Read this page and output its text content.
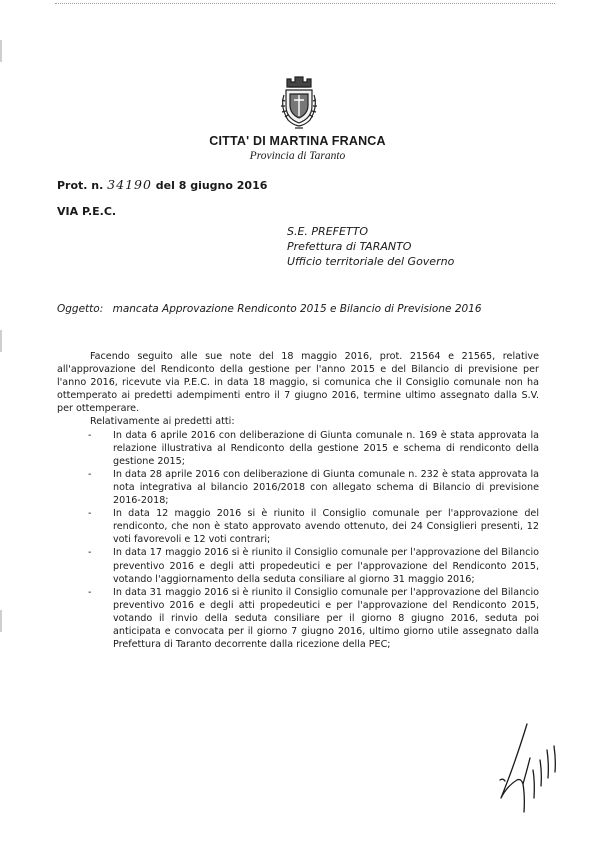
CITTA' DI MARTINA FRANCA
Provincia di Taranto
Prot. n. 34190 del 8 giugno 2016
VIA P.E.C.
S.E. PREFETTO
Prefettura di TARANTO
Ufficio territoriale del Governo
Oggetto: mancata Approvazione Rendiconto 2015 e Bilancio di Previsione 2016

Facendo seguito alle sue note del 18 maggio 2016, prot. 21564 e 21565, relative all'approvazione del Rendiconto della gestione per l'anno 2015 e del Bilancio di previsione per l'anno 2016, ricevute via P.E.C. in data 18 maggio, si comunica che il Consiglio comunale non ha ottemperato ai predetti adempimenti entro il 7 giugno 2016, termine ultimo assegnato dalla S.V. per ottemperare.

Relativamente ai predetti atti:
- In data 6 aprile 2016 con deliberazione di Giunta comunale n. 169 è stata approvata la relazione illustrativa al Rendiconto della gestione 2015 e schema di rendiconto della gestione 2015;
- In data 28 aprile 2016 con deliberazione di Giunta comunale n. 232 è stata approvata la nota integrativa al bilancio 2016/2018 con allegato schema di Bilancio di previsione 2016-2018;
- In data 12 maggio 2016 si è riunito il Consiglio comunale per l'approvazione del rendiconto, che non è stato approvato avendo ottenuto, dei 24 Consiglieri presenti, 12 voti favorevoli e 12 voti contrari;
- In data 17 maggio 2016 si è riunito il Consiglio comunale per l'approvazione del Bilancio preventivo 2016 e degli atti propedeutici e per l'approvazione del Rendiconto 2015, votando l'aggiornamento della seduta consiliare al giorno 31 maggio 2016;
- In data 31 maggio 2016 si è riunito il Consiglio comunale per l'approvazione del Bilancio preventivo 2016 e degli atti propedeutici e per l'approvazione del Rendiconto 2015, votando il rinvio della seduta consiliare per il giorno 8 giugno 2016, seduta poi anticipata e convocata per il giorno 7 giugno 2016, ultimo giorno utile assegnato dalla Prefettura di Taranto decorrente dalla ricezione della PEC;
